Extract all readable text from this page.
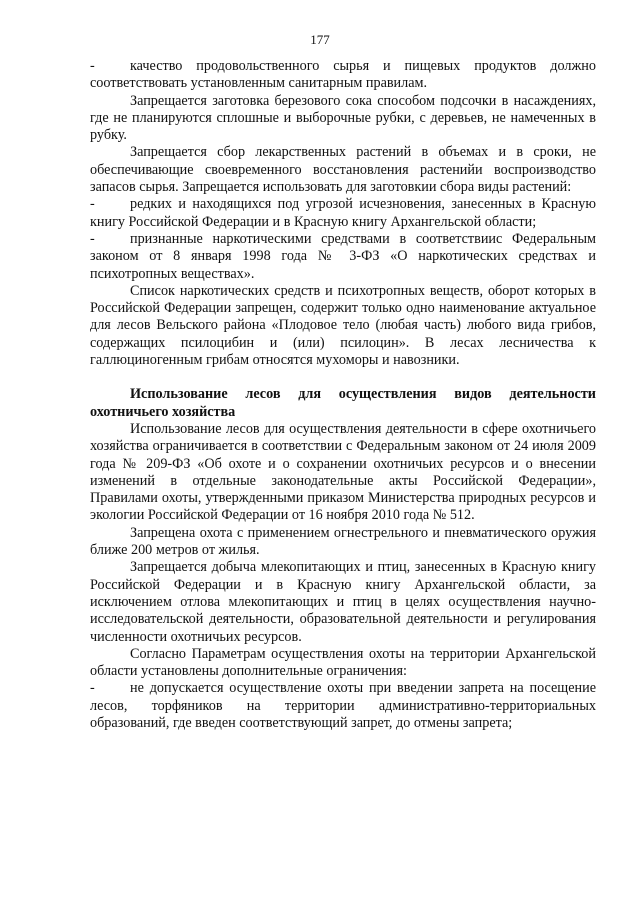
177

- качество продовольственного сырья и пищевых продуктов должно соответствовать установленным санитарным правилам.

Запрещается заготовка березового сока способом подсочки в насаждениях, где не планируются сплошные и выборочные рубки, с деревьев, не намеченных в рубку.

Запрещается сбор лекарственных растений в объемах и в сроки, не обеспечивающие своевременного восстановления растенийи воспроизводство запасов сырья. Запрещается использовать для заготовкии сбора виды растений:

- редких и находящихся под угрозой исчезновения, занесенных в Красную книгу Российской Федерации и в Красную книгу Архангельской области;

- признанные наркотическими средствами в соответствиис Федеральным законом от 8 января 1998 года № 3-ФЗ «О наркотических средствах и психотропных веществах».

Список наркотических средств и психотропных веществ, оборот которых в Российской Федерации запрещен, содержит только одно наименование актуальное для лесов Вельского района «Плодовое тело (любая часть) любого вида грибов, содержащих псилоцибин и (или) псилоцин». В лесах лесничества к галлюциногенным грибам относятся мухоморы и навозники.

Использование лесов для осуществления видов деятельности охотничьего хозяйства

Использование лесов для осуществления деятельности в сфере охотничьего хозяйства ограничивается в соответствии с Федеральным законом от 24 июля 2009 года № 209-ФЗ «Об охоте и о сохранении охотничьих ресурсов и о внесении изменений в отдельные законодательные акты Российской Федерации», Правилами охоты, утвержденными приказом Министерства природных ресурсов и экологии Российской Федерации от 16 ноября 2010 года № 512.

Запрещена охота с применением огнестрельного и пневматического оружия ближе 200 метров от жилья.

Запрещается добыча млекопитающих и птиц, занесенных в Красную книгу Российской Федерации и в Красную книгу Архангельской области, за исключением отлова млекопитающих и птиц в целях осуществления научно-исследовательской деятельности, образовательной деятельности и регулирования численности охотничьих ресурсов.

Согласно Параметрам осуществления охоты на территории Архангельской области установлены дополнительные ограничения:

- не допускается осуществление охоты при введении запрета на посещение лесов, торфяников на территории административно-территориальных образований, где введен соответствующий запрет, до отмены запрета;
